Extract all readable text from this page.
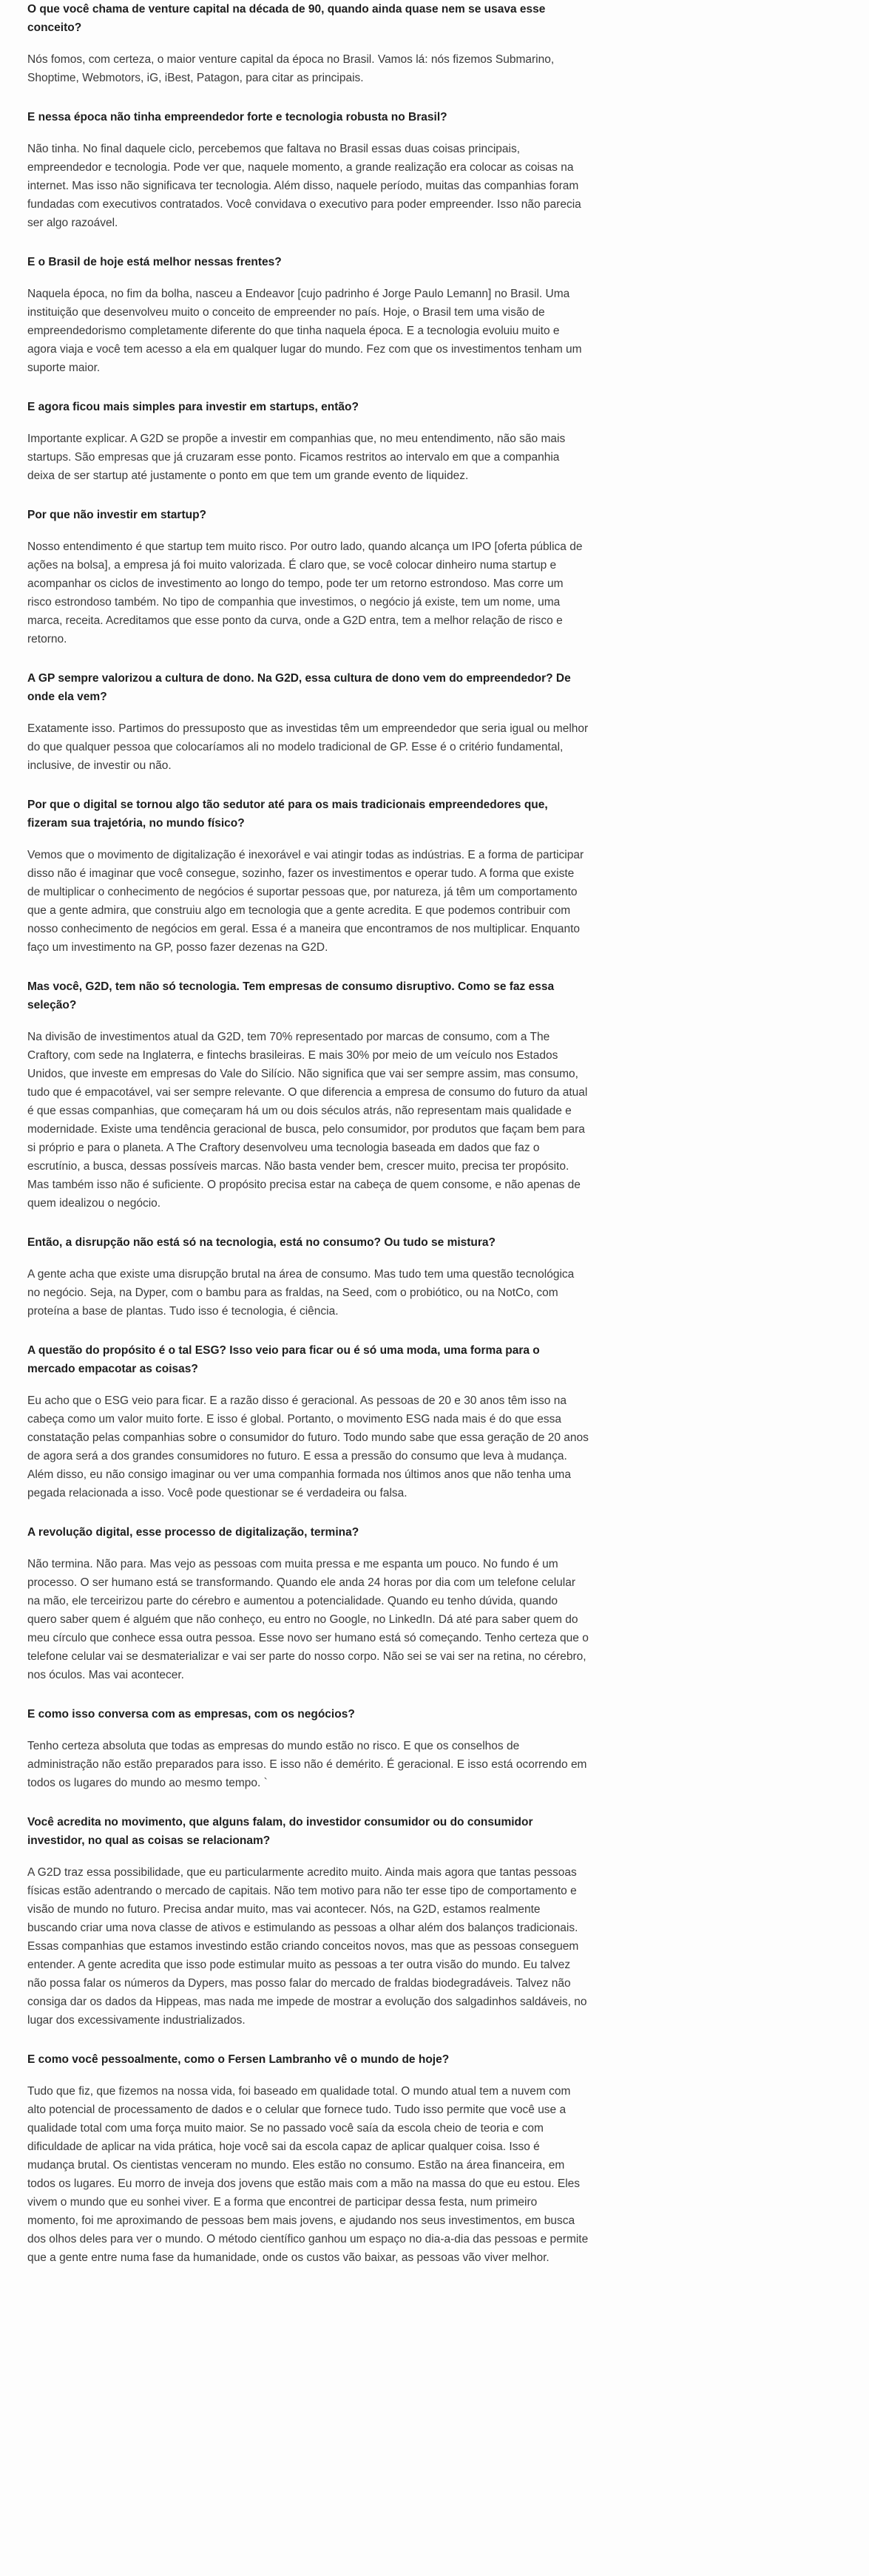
O que você chama de venture capital na década de 90, quando ainda quase nem se usava esse conceito?

Nós fomos, com certeza, o maior venture capital da época no Brasil. Vamos lá: nós fizemos Submarino, Shoptime, Webmotors, iG, iBest, Patagon, para citar as principais.

E nessa época não tinha empreendedor forte e tecnologia robusta no Brasil?

Não tinha. No final daquele ciclo, percebemos que faltava no Brasil essas duas coisas principais, empreendedor e tecnologia. Pode ver que, naquele momento, a grande realização era colocar as coisas na internet. Mas isso não significava ter tecnologia. Além disso, naquele período, muitas das companhias foram fundadas com executivos contratados. Você convidava o executivo para poder empreender. Isso não parecia ser algo razoável.

E o Brasil de hoje está melhor nessas frentes?

Naquela época, no fim da bolha, nasceu a Endeavor [cujo padrinho é Jorge Paulo Lemann] no Brasil. Uma instituição que desenvolveu muito o conceito de empreender no país. Hoje, o Brasil tem uma visão de empreendedorismo completamente diferente do que tinha naquela época. E a tecnologia evoluiu muito e agora viaja e você tem acesso a ela em qualquer lugar do mundo. Fez com que os investimentos tenham um suporte maior.

E agora ficou mais simples para investir em startups, então?

Importante explicar. A G2D se propõe a investir em companhias que, no meu entendimento, não são mais startups. São empresas que já cruzaram esse ponto. Ficamos restritos ao intervalo em que a companhia deixa de ser startup até justamente o ponto em que tem um grande evento de liquidez.

Por que não investir em startup?

Nosso entendimento é que startup tem muito risco. Por outro lado, quando alcança um IPO [oferta pública de ações na bolsa], a empresa já foi muito valorizada. É claro que, se você colocar dinheiro numa startup e acompanhar os ciclos de investimento ao longo do tempo, pode ter um retorno estrondoso. Mas corre um risco estrondoso também. No tipo de companhia que investimos, o negócio já existe, tem um nome, uma marca, receita. Acreditamos que esse ponto da curva, onde a G2D entra, tem a melhor relação de risco e retorno.

A GP sempre valorizou a cultura de dono. Na G2D, essa cultura de dono vem do empreendedor? De onde ela vem?

Exatamente isso. Partimos do pressuposto que as investidas têm um empreendedor que seria igual ou melhor do que qualquer pessoa que colocaríamos ali no modelo tradicional de GP. Esse é o critério fundamental, inclusive, de investir ou não.

Por que o digital se tornou algo tão sedutor até para os mais tradicionais empreendedores que, fizeram sua trajetória, no mundo físico?

Vemos que o movimento de digitalização é inexorável e vai atingir todas as indústrias. E a forma de participar disso não é imaginar que você consegue, sozinho, fazer os investimentos e operar tudo. A forma que existe de multiplicar o conhecimento de negócios é suportar pessoas que, por natureza, já têm um comportamento que a gente admira, que construiu algo em tecnologia que a gente acredita. E que podemos contribuir com nosso conhecimento de negócios em geral. Essa é a maneira que encontramos de nos multiplicar. Enquanto faço um investimento na GP, posso fazer dezenas na G2D.

Mas você, G2D, tem não só tecnologia. Tem empresas de consumo disruptivo. Como se faz essa seleção?

Na divisão de investimentos atual da G2D, tem 70% representado por marcas de consumo, com a The Craftory, com sede na Inglaterra, e fintechs brasileiras. E mais 30% por meio de um veículo nos Estados Unidos, que investe em empresas do Vale do Silício. Não significa que vai ser sempre assim, mas consumo, tudo que é empacotável, vai ser sempre relevante. O que diferencia a empresa de consumo do futuro da atual é que essas companhias, que começaram há um ou dois séculos atrás, não representam mais qualidade e modernidade. Existe uma tendência geracional de busca, pelo consumidor, por produtos que façam bem para si próprio e para o planeta. A The Craftory desenvolveu uma tecnologia baseada em dados que faz o escrutínio, a busca, dessas possíveis marcas. Não basta vender bem, crescer muito, precisa ter propósito. Mas também isso não é suficiente. O propósito precisa estar na cabeça de quem consome, e não apenas de quem idealizou o negócio.

Então, a disrupção não está só na tecnologia, está no consumo? Ou tudo se mistura?

A gente acha que existe uma disrupção brutal na área de consumo. Mas tudo tem uma questão tecnológica no negócio. Seja, na Dyper, com o bambu para as fraldas, na Seed, com o probiótico, ou na NotCo, com proteína a base de plantas. Tudo isso é tecnologia, é ciência.

A questão do propósito é o tal ESG? Isso veio para ficar ou é só uma moda, uma forma para o mercado empacotar as coisas?

Eu acho que o ESG veio para ficar. E a razão disso é geracional. As pessoas de 20 e 30 anos têm isso na cabeça como um valor muito forte. E isso é global. Portanto, o movimento ESG nada mais é do que essa constatação pelas companhias sobre o consumidor do futuro. Todo mundo sabe que essa geração de 20 anos de agora será a dos grandes consumidores no futuro. E essa a pressão do consumo que leva à mudança. Além disso, eu não consigo imaginar ou ver uma companhia formada nos últimos anos que não tenha uma pegada relacionada a isso. Você pode questionar se é verdadeira ou falsa.

A revolução digital, esse processo de digitalização, termina?

Não termina. Não para. Mas vejo as pessoas com muita pressa e me espanta um pouco. No fundo é um processo. O ser humano está se transformando. Quando ele anda 24 horas por dia com um telefone celular na mão, ele terceirizou parte do cérebro e aumentou a potencialidade. Quando eu tenho dúvida, quando quero saber quem é alguém que não conheço, eu entro no Google, no LinkedIn. Dá até para saber quem do meu círculo que conhece essa outra pessoa. Esse novo ser humano está só começando. Tenho certeza que o telefone celular vai se desmaterializar e vai ser parte do nosso corpo. Não sei se vai ser na retina, no cérebro, nos óculos. Mas vai acontecer.

E como isso conversa com as empresas, com os negócios?

Tenho certeza absoluta que todas as empresas do mundo estão no risco. E que os conselhos de administração não estão preparados para isso. E isso não é demérito. É geracional. E isso está ocorrendo em todos os lugares do mundo ao mesmo tempo. `

Você acredita no movimento, que alguns falam, do investidor consumidor ou do consumidor investidor, no qual as coisas se relacionam?

A G2D traz essa possibilidade, que eu particularmente acredito muito. Ainda mais agora que tantas pessoas físicas estão adentrando o mercado de capitais. Não tem motivo para não ter esse tipo de comportamento e visão de mundo no futuro. Precisa andar muito, mas vai acontecer. Nós, na G2D, estamos realmente buscando criar uma nova classe de ativos e estimulando as pessoas a olhar além dos balanços tradicionais. Essas companhias que estamos investindo estão criando conceitos novos, mas que as pessoas conseguem entender. A gente acredita que isso pode estimular muito as pessoas a ter outra visão do mundo. Eu talvez não possa falar os números da Dypers, mas posso falar do mercado de fraldas biodegradáveis. Talvez não consiga dar os dados da Hippeas, mas nada me impede de mostrar a evolução dos salgadinhos saldáveis, no lugar dos excessivamente industrializados.

E como você pessoalmente, como o Fersen Lambranho vê o mundo de hoje?

Tudo que fiz, que fizemos na nossa vida, foi baseado em qualidade total. O mundo atual tem a nuvem com alto potencial de processamento de dados e o celular que fornece tudo. Tudo isso permite que você use a qualidade total com uma força muito maior. Se no passado você saía da escola cheio de teoria e com dificuldade de aplicar na vida prática, hoje você sai da escola capaz de aplicar qualquer coisa. Isso é mudança brutal. Os cientistas venceram no mundo. Eles estão no consumo. Estão na área financeira, em todos os lugares. Eu morro de inveja dos jovens que estão mais com a mão na massa do que eu estou. Eles vivem o mundo que eu sonhei viver. E a forma que encontrei de participar dessa festa, num primeiro momento, foi me aproximando de pessoas bem mais jovens, e ajudando nos seus investimentos, em busca dos olhos deles para ver o mundo. O método científico ganhou um espaço no dia-a-dia das pessoas e permite que a gente entre numa fase da humanidade, onde os custos vão baixar, as pessoas vão viver melhor.
